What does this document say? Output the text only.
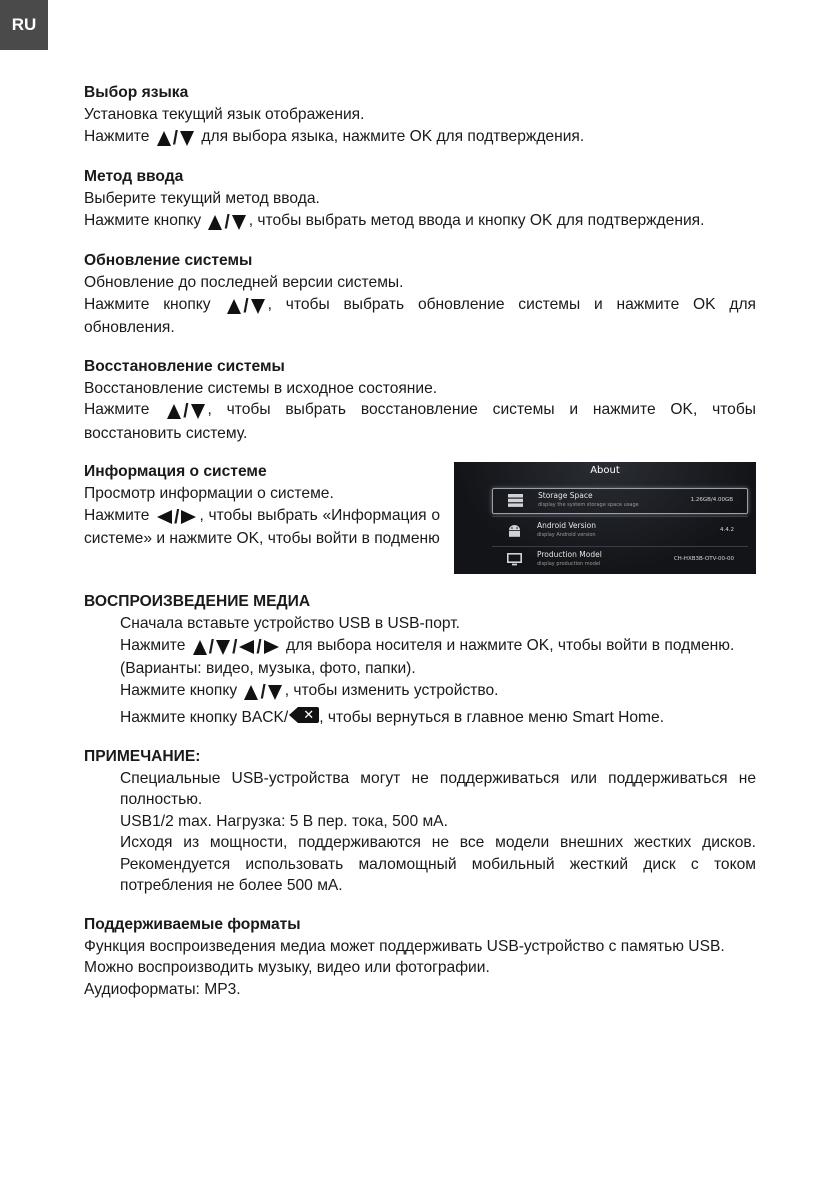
RU
Выбор языка
Установка текущий язык отображения.
Нажмите / для выбора языка, нажмите OK для подтверждения.
Метод ввода
Выберите текущий метод ввода.
Нажмите кнопку / , чтобы выбрать метод ввода и кнопку OK для подтверждения.
Обновление системы
Обновление до последней версии системы.
Нажмите кнопку / , чтобы выбрать обновление системы и нажмите OK для обновления.
Восстановление системы
Восстановление системы в исходное состояние.
Нажмите / , чтобы выбрать восстановление системы и нажмите OK, чтобы восстановить систему.
Информация о системе
Просмотр информации о системе.
Нажмите / , чтобы выбрать «Информация о системе» и нажмите OK, чтобы войти в подменю
About
Storage Space
display the system storage space usage
1.26GB/4.00GB
Android Version
display Android version
4.4.2
Production Model
display production model
CH-HXB3B-OTV-00-00
ВОСПРОИЗВЕДЕНИЕ МЕДИА
Сначала вставьте устройство USB в USB-порт.
Нажмите / / / для выбора носителя и нажмите OK, чтобы войти в подменю.
(Варианты: видео, музыка, фото, папки).
Нажмите кнопку / , чтобы изменить устройство.
Нажмите кнопку BACK/	✕ , чтобы вернуться в главное меню Smart Home.
ПРИМЕЧАНИЕ:
Специальные USB-устройства могут не поддерживаться или поддерживаться не полностью.
USB1/2 max. Нагрузка: 5 В пер. тока, 500 мА.
Исходя из мощности, поддерживаются не все модели внешних жестких дисков. Рекомендуется использовать маломощный мобильный жесткий диск с током потребления не более 500 мА.
Поддерживаемые форматы
Функция воспроизведения медиа может поддерживать USB-устройство с памятью USB.
Можно воспроизводить музыку, видео или фотографии.
Аудиоформаты: MP3.
